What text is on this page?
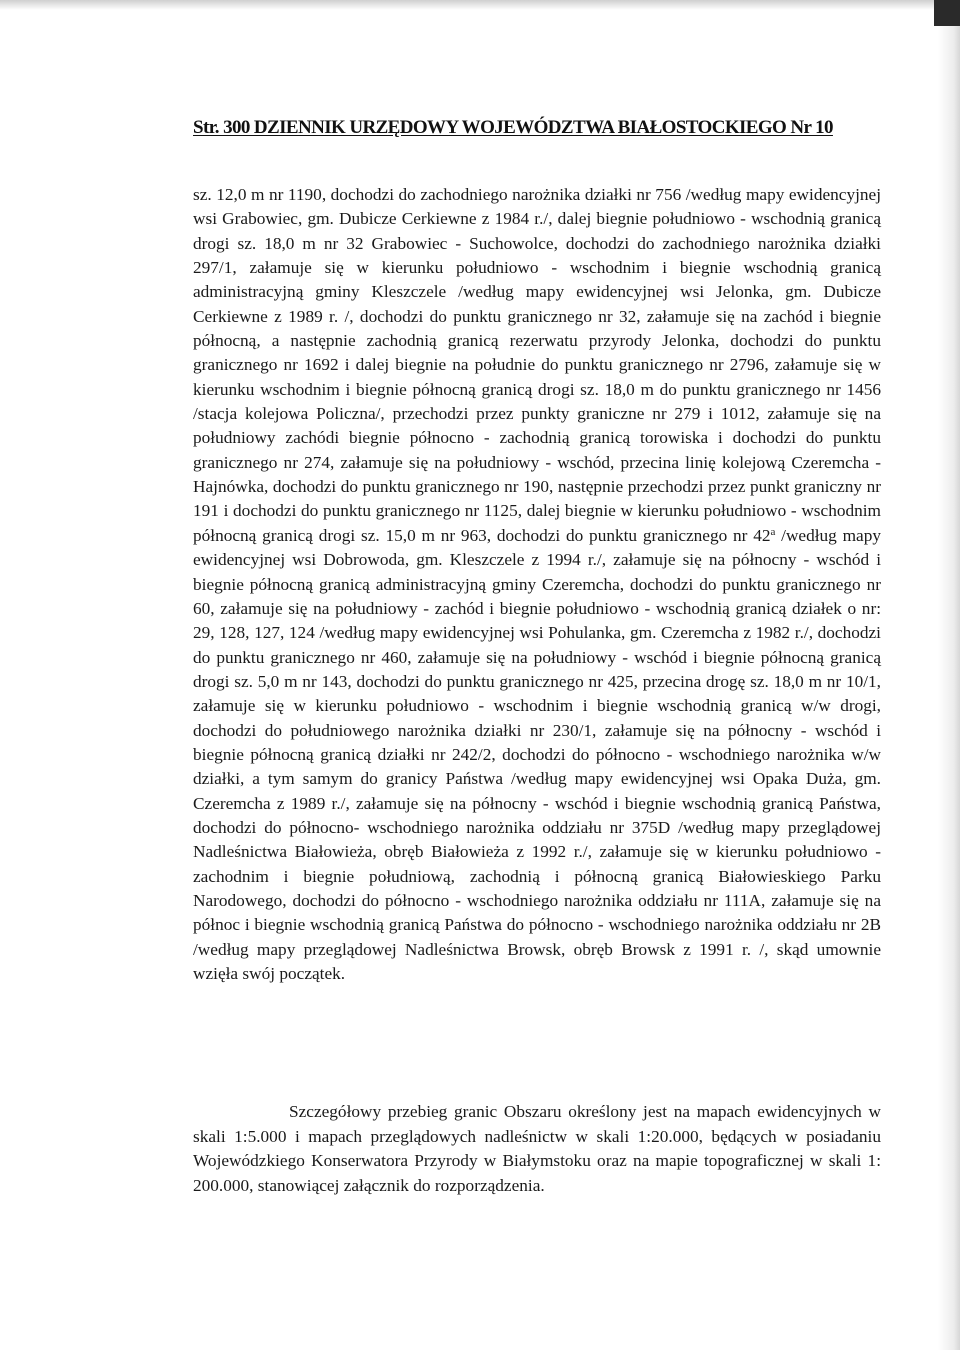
Str. 300 DZIENNIK URZĘDOWY WOJEWÓDZTWA BIAŁOSTOCKIEGO Nr 10
sz. 12,0 m nr 1190, dochodzi do zachodniego narożnika działki nr 756 /według mapy ewidencyjnej wsi Grabowiec, gm. Dubicze Cerkiewne z 1984 r./, dalej biegnie południowo - wschodnią granicą drogi sz. 18,0 m nr 32 Grabowiec - Suchowolce, dochodzi do zachodniego narożnika działki 297/1, załamuje się w kierunku południowo - wschodnim i biegnie wschodnią granicą administracyjną gminy Kleszczele /według mapy ewidencyjnej wsi Jelonka, gm. Dubicze Cerkiewne z 1989 r. /, dochodzi do punktu granicznego nr 32, załamuje się na zachód i biegnie północną, a następnie zachodnią granicą rezerwatu przyrody Jelonka, dochodzi do punktu granicznego nr 1692 i dalej biegnie na południe do punktu granicznego nr 2796, załamuje się w kierunku wschodnim i biegnie północną granicą drogi sz. 18,0 m do punktu granicznego nr 1456 /stacja kolejowa Policzna/, przechodzi przez punkty graniczne nr 279 i 1012, załamuje się na południowy zachódi biegnie północno - zachodnią granicą torowiska i dochodzi do punktu granicznego nr 274, załamuje się na południowy - wschód, przecina linię kolejową Czeremcha - Hajnówka, dochodzi do punktu granicznego nr 190, następnie przechodzi przez punkt graniczny nr 191 i dochodzi do punktu granicznego nr 1125, dalej biegnie w kierunku południowo - wschodnim północną granicą drogi sz. 15,0 m nr 963, dochodzi do punktu granicznego nr 42$^a$ /według mapy ewidencyjnej wsi Dobrowoda, gm. Kleszczele z 1994 r./, załamuje się na północny - wschód i biegnie północną granicą administracyjną gminy Czeremcha, dochodzi do punktu granicznego nr 60, załamuje się na południowy - zachód i biegnie południowo - wschodnią granicą działek o nr: 29, 128, 127, 124 /według mapy ewidencyjnej wsi Pohulanka, gm. Czeremcha z 1982 r./, dochodzi do punktu granicznego nr 460, załamuje się na południowy - wschód i biegnie północną granicą drogi sz. 5,0 m nr 143, dochodzi do punktu granicznego nr 425, przecina drogę sz. 18,0 m nr 10/1, załamuje się w kierunku południowo - wschodnim i biegnie wschodnią granicą w/w drogi, dochodzi do południowego narożnika działki nr 230/1, załamuje się na północny - wschód i biegnie północną granicą działki nr 242/2, dochodzi do północno - wschodniego narożnika w/w działki, a tym samym do granicy Państwa /według mapy ewidencyjnej wsi Opaka Duża, gm. Czeremcha z 1989 r./, załamuje się na północny - wschód i biegnie wschodnią granicą Państwa, dochodzi do północno- wschodniego narożnika oddziału nr 375D /według mapy przeglądowej Nadleśnictwa Białowieża, obręb Białowieża z 1992 r./, załamuje się w kierunku południowo - zachodnim i biegnie południową, zachodnią i północną granicą Białowieskiego Parku Narodowego, dochodzi do północno - wschodniego narożnika oddziału nr 111A, załamuje się na północ i biegnie wschodnią granicą Państwa do północno - wschodniego narożnika oddziału nr 2B /według mapy przeglądowej Nadleśnictwa Browsk, obręb Browsk z 1991 r. /, skąd umownie wzięła swój początek.
Szczegółowy przebieg granic Obszaru określony jest na mapach ewidencyjnych w skali 1:5.000 i mapach przeglądowych nadleśnictw w skali 1:20.000, będących w posiadaniu Wojewódzkiego Konserwatora Przyrody w Białymstoku oraz na mapie topograficznej w skali 1: 200.000, stanowiącej załącznik do rozporządzenia.
